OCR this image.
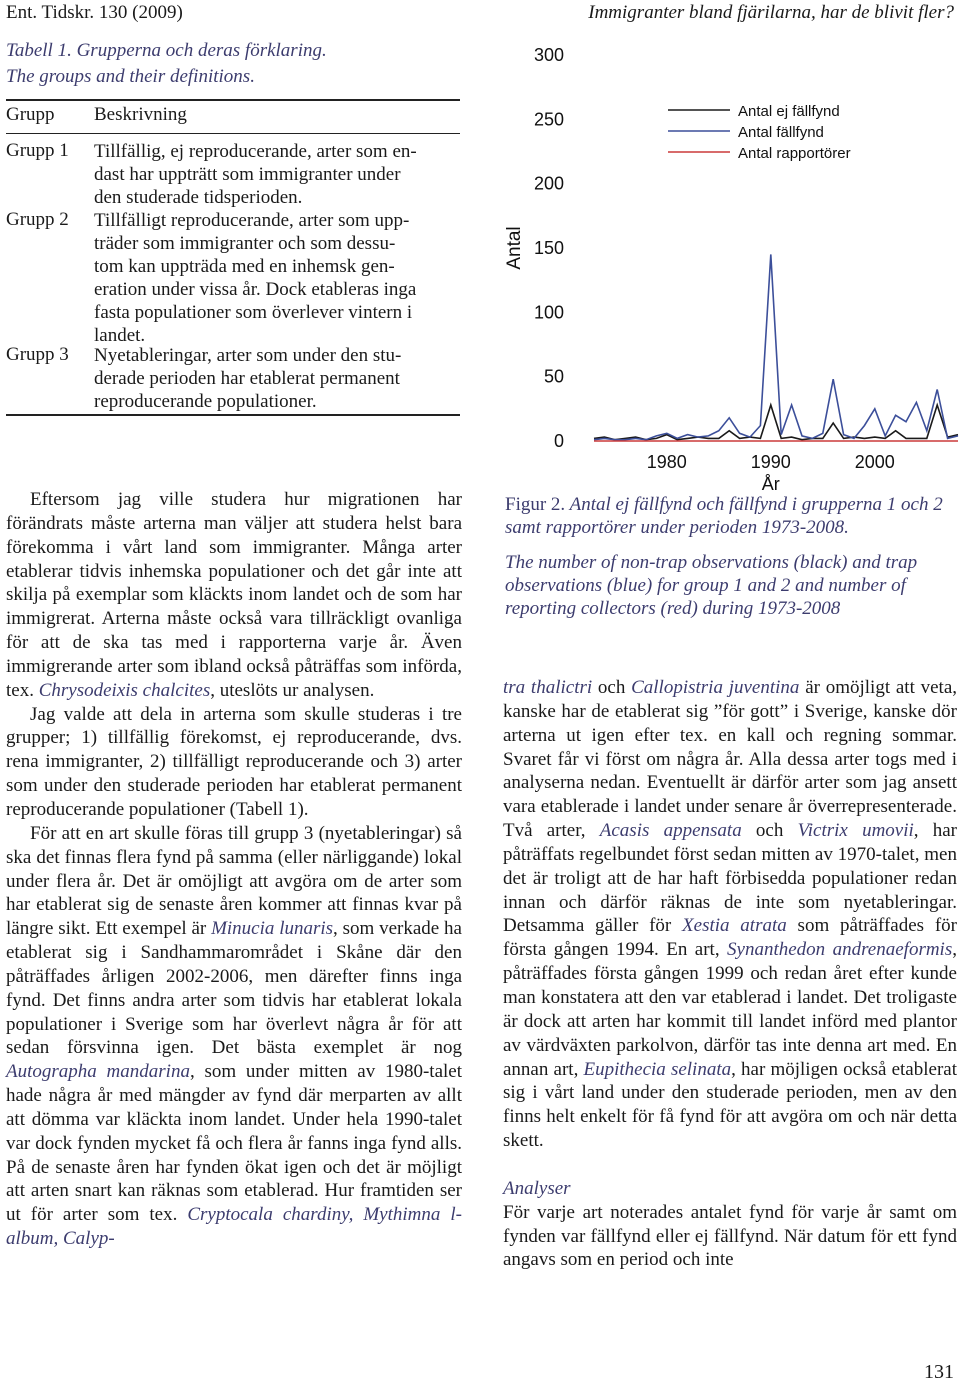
Ent. Tidskr. 130 (2009)	Immigranter bland fjärilarna, har de blivit fler?
Tabell 1. Grupperna och deras förklaring.
The groups and their definitions.
Grupp Beskrivning
Grupp 1 Tillfällig, ej reproducerande, arter som en-
dast har uppträtt som immigranter under
den studerade tidsperioden.
Grupp 2 Tillfälligt reproducerande, arter som upp-
träder som immigranter och som dessu-
tom kan uppträda med en inhemsk gen-
eration under vissa år. Dock etableras inga
fasta populationer som överlever vintern i
landet.
Grupp 3 Nyetableringar, arter som under den stu-
derade perioden har etablerat permanent
reproducerande populationer.

Eftersom jag ville studera hur migrationen har förändrats måste arterna man väljer att studera helst bara förekomma i vårt land som immigranter. Många arter etablerar tidvis inhemska populationer och det går inte att skilja på exemplar som kläckts inom landet och de som har immigrerat. Arterna måste också vara tillräckligt ovanliga för att de ska tas med i rapporterna varje år. Även immigrerande arter som ibland också påträffas som införda, tex. Chrysodeixis chalcites, uteslöts ur analysen.

Jag valde att dela in arterna som skulle studeras i tre grupper; 1) tillfällig förekomst, ej reproducerande, dvs. rena immigranter, 2) tillfälligt reproducerande och 3) arter som under den studerade perioden har etablerat permanent reproducerande populationer (Tabell 1).

För att en art skulle föras till grupp 3 (nyetableringar) så ska det finnas flera fynd på samma (eller närliggande) lokal under flera år. Det är omöjligt att avgöra om de arter som har etablerat sig de senaste åren kommer att finnas kvar på längre sikt. Ett exempel är Minucia lunaris, som verkade ha etablerat sig i Sandhammarområdet i Skåne där den påträffades årligen 2002-2006, men därefter finns inga fynd. Det finns andra arter som tidvis har etablerat lokala populationer i Sverige som har överlevt några år för att sedan försvinna igen. Det bästa exemplet är nog Autographa mandarina, som under mitten av 1980-talet hade några år med mängder av fynd där merparten av allt att dömma var kläckta inom landet. Under hela 1990-talet var dock fynden mycket få och flera år fanns inga fynd alls. På de senaste åren har fynden ökat igen och det är möjligt att arten snart kan räknas som etablerad. Hur framtiden ser ut för arter som tex. Cryptocala chardiny, Mythimna l-album, Calyp-

0
50
100
150
200
250
300
1980	1990	2000
År
Antal
Antal ej fällfynd
Antal fällfynd
Antal rapportörer

Figur 2. Antal ej fällfynd och fällfynd i grupperna 1 och 2 samt rapportörer under perioden 1973-2008.

The number of non-trap observations (black) and trap observations (blue) for group 1 and 2 and number of reporting collectors (red) during 1973-2008

tra thalictri och Callopistria juventina är omöjligt att veta, kanske har de etablerat sig ”för gott” i Sverige, kanske dör arterna ut igen efter tex. en kall och regning sommar. Svaret får vi först om några år. Alla dessa arter togs med i analyserna nedan. Eventuellt är därför arter som jag ansett vara etablerade i landet under senare år överrepresenterade. Två arter, Acasis appensata och Victrix umovii, har påträffats regelbundet först sedan mitten av 1970-talet, men det är troligt att de har haft förbisedda populationer redan innan och därför räknas de inte som nyetableringar. Detsamma gäller för Xestia atrata som påträffades för första gången 1994. En art, Synanthedon andrenaeformis, påträffades första gången 1999 och redan året efter kunde man konstatera att den var etablerad i landet. Det troligaste är dock att arten har kommit till landet införd med plantor av värdväxten parkolvon, därför tas inte denna art med. En annan art, Eupithecia selinata, har möjligen också etablerat sig i vårt land under den studerade perioden, men av den finns helt enkelt för få fynd för att avgöra om och när detta skett.

Analyser

För varje art noterades antalet fynd för varje år samt om fynden var fällfynd eller ej fällfynd. När datum för ett fynd angavs som en period och inte

131
